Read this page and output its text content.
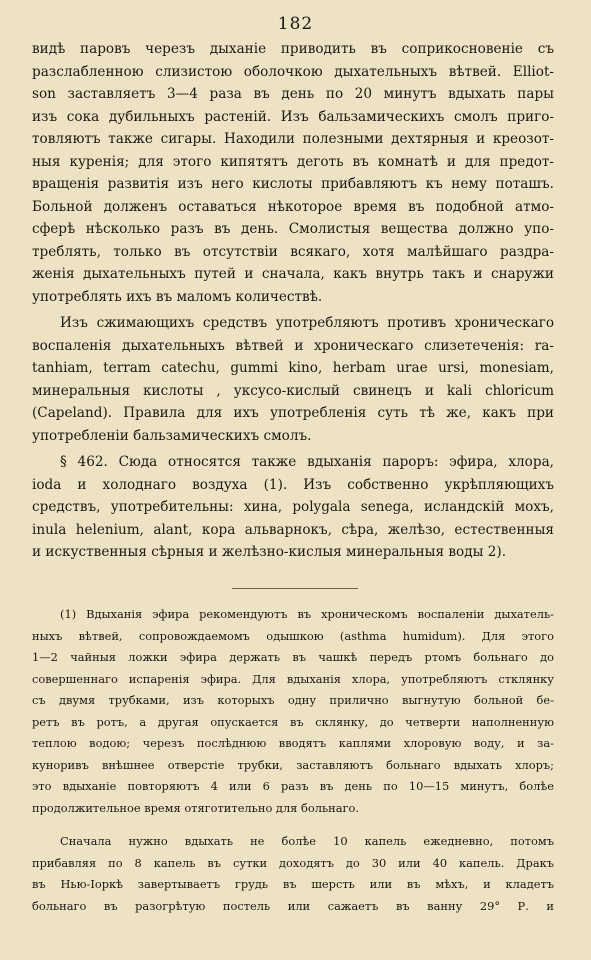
182
видѣ паровъ черезъ дыханіе приводить въ соприкосновеніе съ
разслабленною слизистою оболочкою дыхательныхъ вѣтвей. Elliot-
son заставляетъ 3—4 раза въ день по 20 минутъ вдыхать пары
изъ сока дубильныхъ растеній. Изъ бальзамическихъ смолъ приго-
товляютъ также сигары. Находили полезными дехтярныя и креозот-
ныя куренія; для этого кипятятъ деготь въ комнатѣ и для предот-
вращенія развитія изъ него кислоты прибавляютъ къ нему поташъ.
Больной долженъ оставаться нѣкоторое время въ подобной атмо-
сферѣ нѣсколько разъ въ день. Смолистыя вещества должно упо-
треблять, только въ отсутствіи всякаго, хотя малѣйшаго раздра-
женія дыхательныхъ путей и сначала, какъ внутрь такъ и снаружи
употреблять ихъ въ маломъ количествѣ.
Изъ сжимающихъ средствъ употребляютъ противъ хроническаго
воспаленія дыхательныхъ вѣтвей и хроническаго слизетеченія: ra-
tanhiam, terram catechu, gummi kino, herbam urae ursi, monesiam,
минеральныя кислоты , уксусо-кислый свинецъ и kali chloricum
(Capeland). Правила для ихъ употребленія суть тѣ же, какъ при
употребленіи бальзамическихъ смолъ.
§ 462. Сюда относятся также вдыханія пароръ: эфира, хлора,
iodа и холоднаго воздуха (1). Изъ собственно укрѣпляющихъ
средствъ, употребительны: хина, polygala senega, исландскій мохъ,
inula helenium, alant, кора альварнокъ, сѣра, желѣзо, естественныя
и искуственныя сѣрныя и желѣзно-кислыя минеральныя воды 2).
(1) Вдыханія эфира рекомендуютъ въ хроническомъ воспаленіи дыхатель-
ныхъ вѣтвей, сопровождаемомъ одышкою (asthma humidum). Для этого
1—2 чайныя ложки эфира держать въ чашкѣ передъ ртомъ больнаго до
совершеннаго испаренія эфира. Для вдыханія хлора, употребляютъ стклянку
съ двумя трубками, изъ которыхъ одну прилично выгнутую больной бе-
ретъ въ ротъ, а другая опускается въ склянку, до четверти наполненную
теплою водою; черезъ послѣднюю вводятъ каплями хлоровую воду, и за-
куноривъ внѣшнее отверстіе трубки, заставляютъ больнаго вдыхать хлоръ;
это вдыханіе повторяютъ 4 или 6 разъ въ день по 10—15 минутъ, болѣе
продолжительное время отяготительно для больнаго.
Сначала нужно вдыхать не болѣе 10 капель ежедневно, потомъ
прибавляя по 8 капель въ сутки доходятъ до 30 или 40 капель. Дракъ
въ Нью-Іоркѣ завертываетъ грудь въ шерсть или въ мѣхъ, и кладетъ
больнаго въ разогрѣтую постель или сажаетъ въ ванну 29° Р. и
